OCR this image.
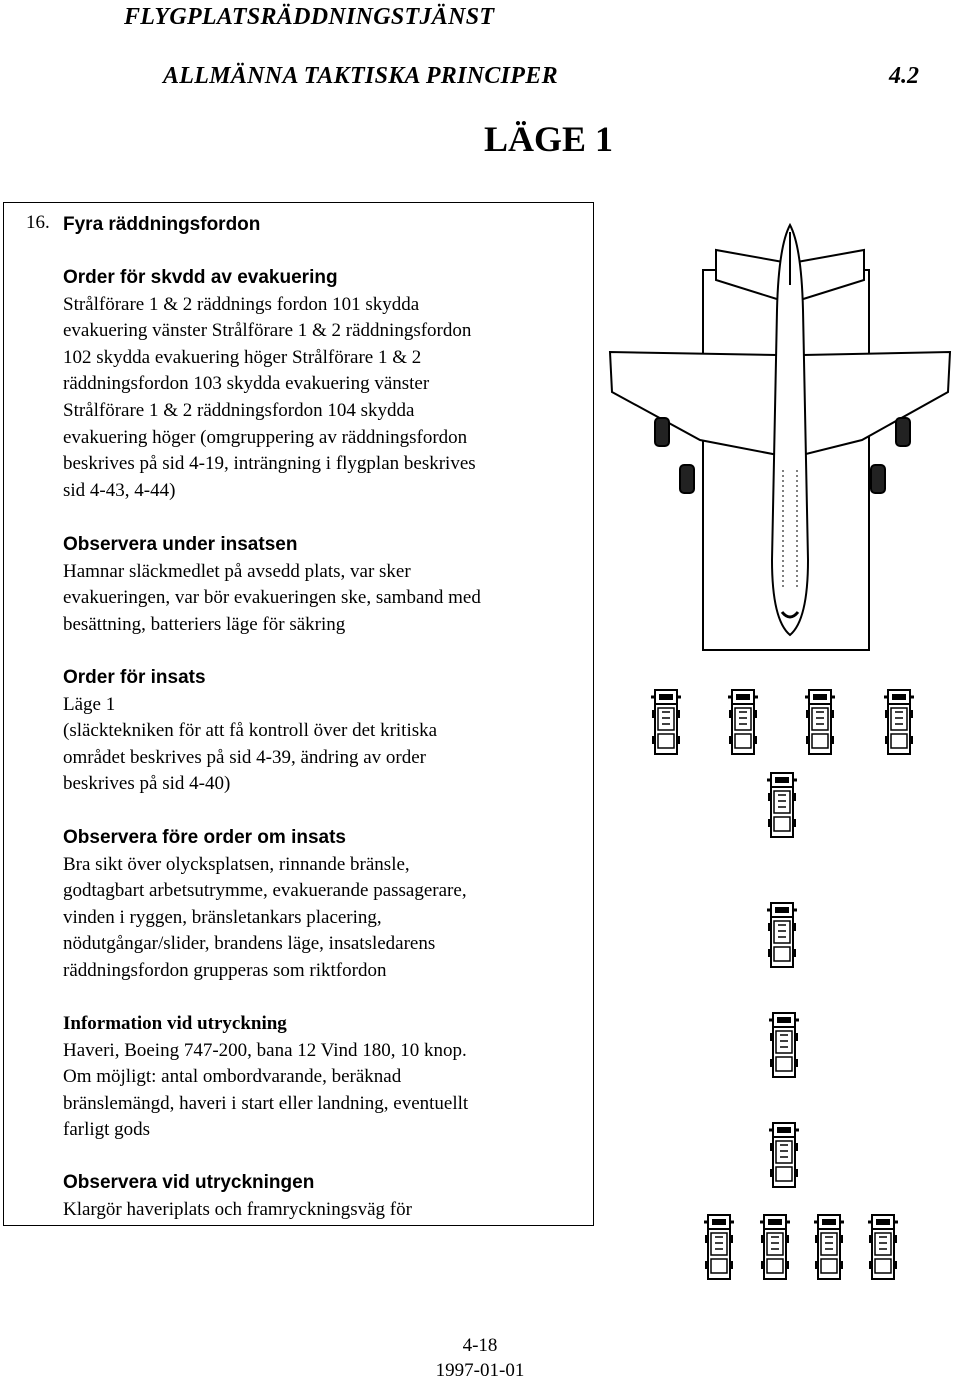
FLYGPLATSRÄDDNINGSTJÄNST
ALLMÄNNA TAKTISKA PRINCIPER	4.2
LÄGE 1
16. Fyra räddningsfordon
Order för skvdd av evakuering
Strålförare 1 & 2 räddnings fordon 101 skydda
evakuering vänster Strålförare 1 & 2 räddningsfordon
102 skydda evakuering höger Strålförare 1 & 2
räddningsfordon 103 skydda evakuering vänster
Strålförare 1 & 2 räddningsfordon 104 skydda
evakuering höger (omgruppering av räddningsfordon
beskrives på sid 4-19, inträngning i flygplan beskrives
sid 4-43, 4-44)
Observera under insatsen
Hamnar släckmedlet på avsedd plats, var sker
evakueringen, var bör evakueringen ske, samband med
besättning, batteriers läge för säkring
Order för insats
Läge 1
(släcktekniken för att få kontroll över det kritiska
området beskrives på sid 4-39, ändring av order
beskrives på sid 4-40)
Observera före order om insats
Bra sikt över olycksplatsen, rinnande bränsle,
godtagbart arbetsutrymme, evakuerande passagerare,
vinden i ryggen, bränsletankars placering,
nödutgångar/slider, brandens läge, insatsledarens
räddningsfordon grupperas som riktfordon
Information vid utryckning
Haveri, Boeing 747-200, bana 12 Vind 180, 10 knop.
Om möjligt: antal ombordvarande, beräknad
bränslemängd, haveri i start eller landning, eventuellt
farligt gods
Observera vid utryckningen
Klargör haveriplats och framryckningsväg för
4-18
1997-01-01
